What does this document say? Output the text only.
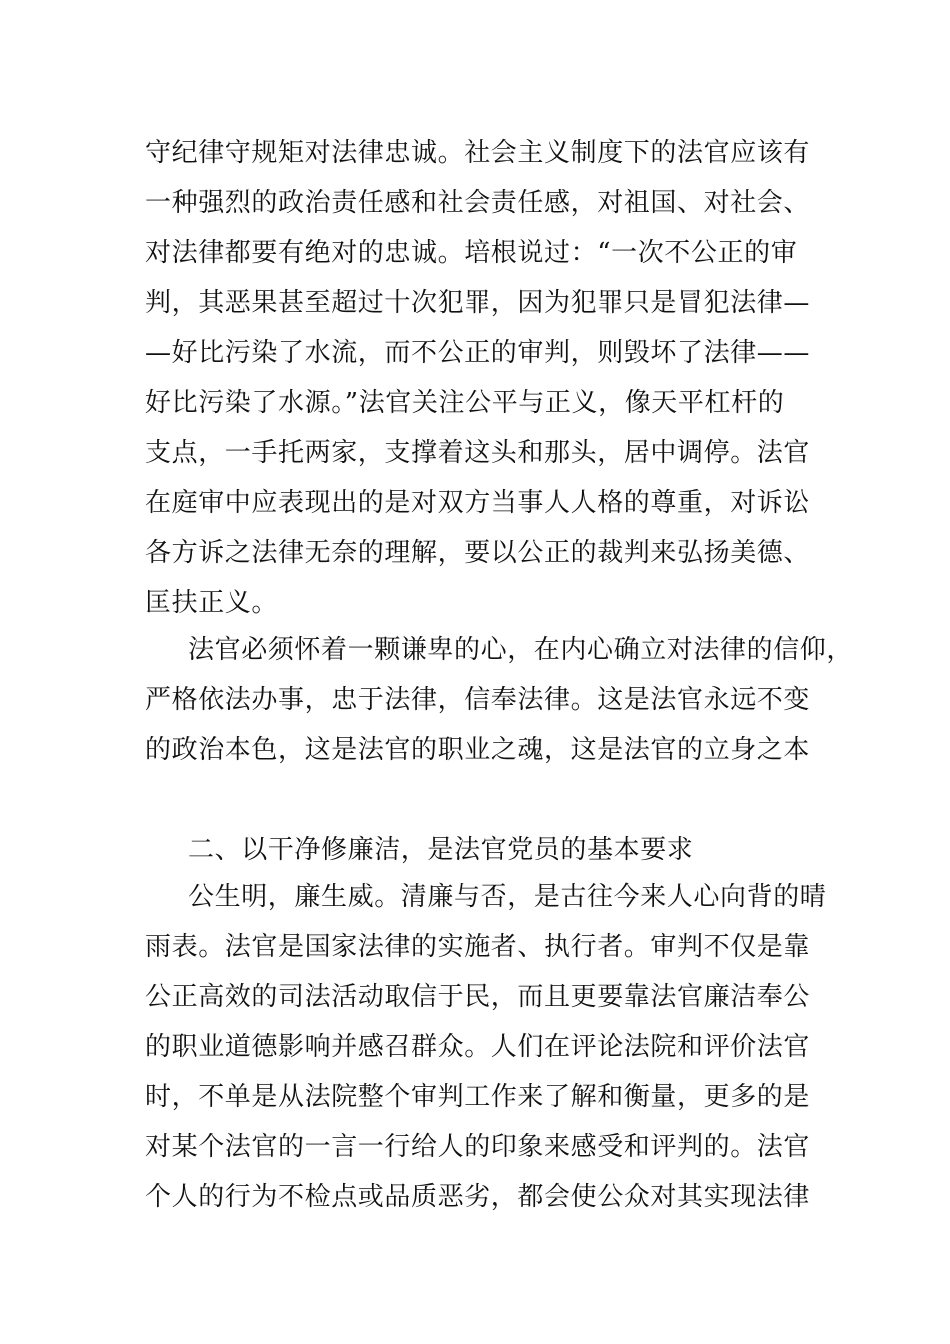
守纪律守规矩对法律忠诚。社会主义制度下的法官应该有
一种强烈的政治责任感和社会责任感，对祖国、对社会、
对法律都要有绝对的忠诚。培根说过：“一次不公正的审
判，其恶果甚至超过十次犯罪，因为犯罪只是冒犯法律—
—好比污染了水流，而不公正的审判，则毁坏了法律——
好比污染了水源。”法官关注公平与正义，像天平杠杆的
支点，一手托两家，支撑着这头和那头，居中调停。法官
在庭审中应表现出的是对双方当事人人格的尊重，对诉讼
各方诉之法律无奈的理解，要以公正的裁判来弘扬美德、
匡扶正义。
法官必须怀着一颗谦卑的心，在内心确立对法律的信仰，
严格依法办事，忠于法律，信奉法律。这是法官永远不变
的政治本色，这是法官的职业之魂，这是法官的立身之本
二、以干净修廉洁，是法官党员的基本要求
公生明，廉生威。清廉与否，是古往今来人心向背的晴
雨表。法官是国家法律的实施者、执行者。审判不仅是靠
公正高效的司法活动取信于民，而且更要靠法官廉洁奉公
的职业道德影响并感召群众。人们在评论法院和评价法官
时，不单是从法院整个审判工作来了解和衡量，更多的是
对某个法官的一言一行给人的印象来感受和评判的。法官
个人的行为不检点或品质恶劣，都会使公众对其实现法律
